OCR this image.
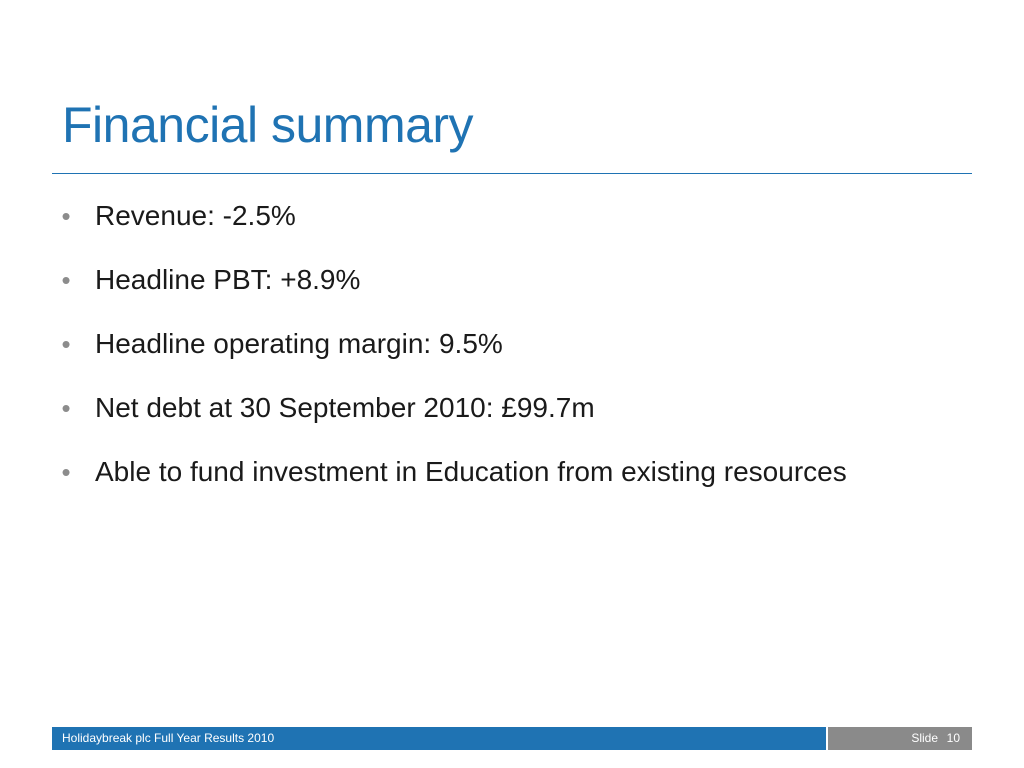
Financial summary
• Revenue: -2.5%
• Headline PBT: +8.9%
• Headline operating margin: 9.5%
• Net debt at 30 September 2010: £99.7m
• Able to fund investment in Education from existing resources
Holidaybreak plc Full Year Results 2010	Slide 10
